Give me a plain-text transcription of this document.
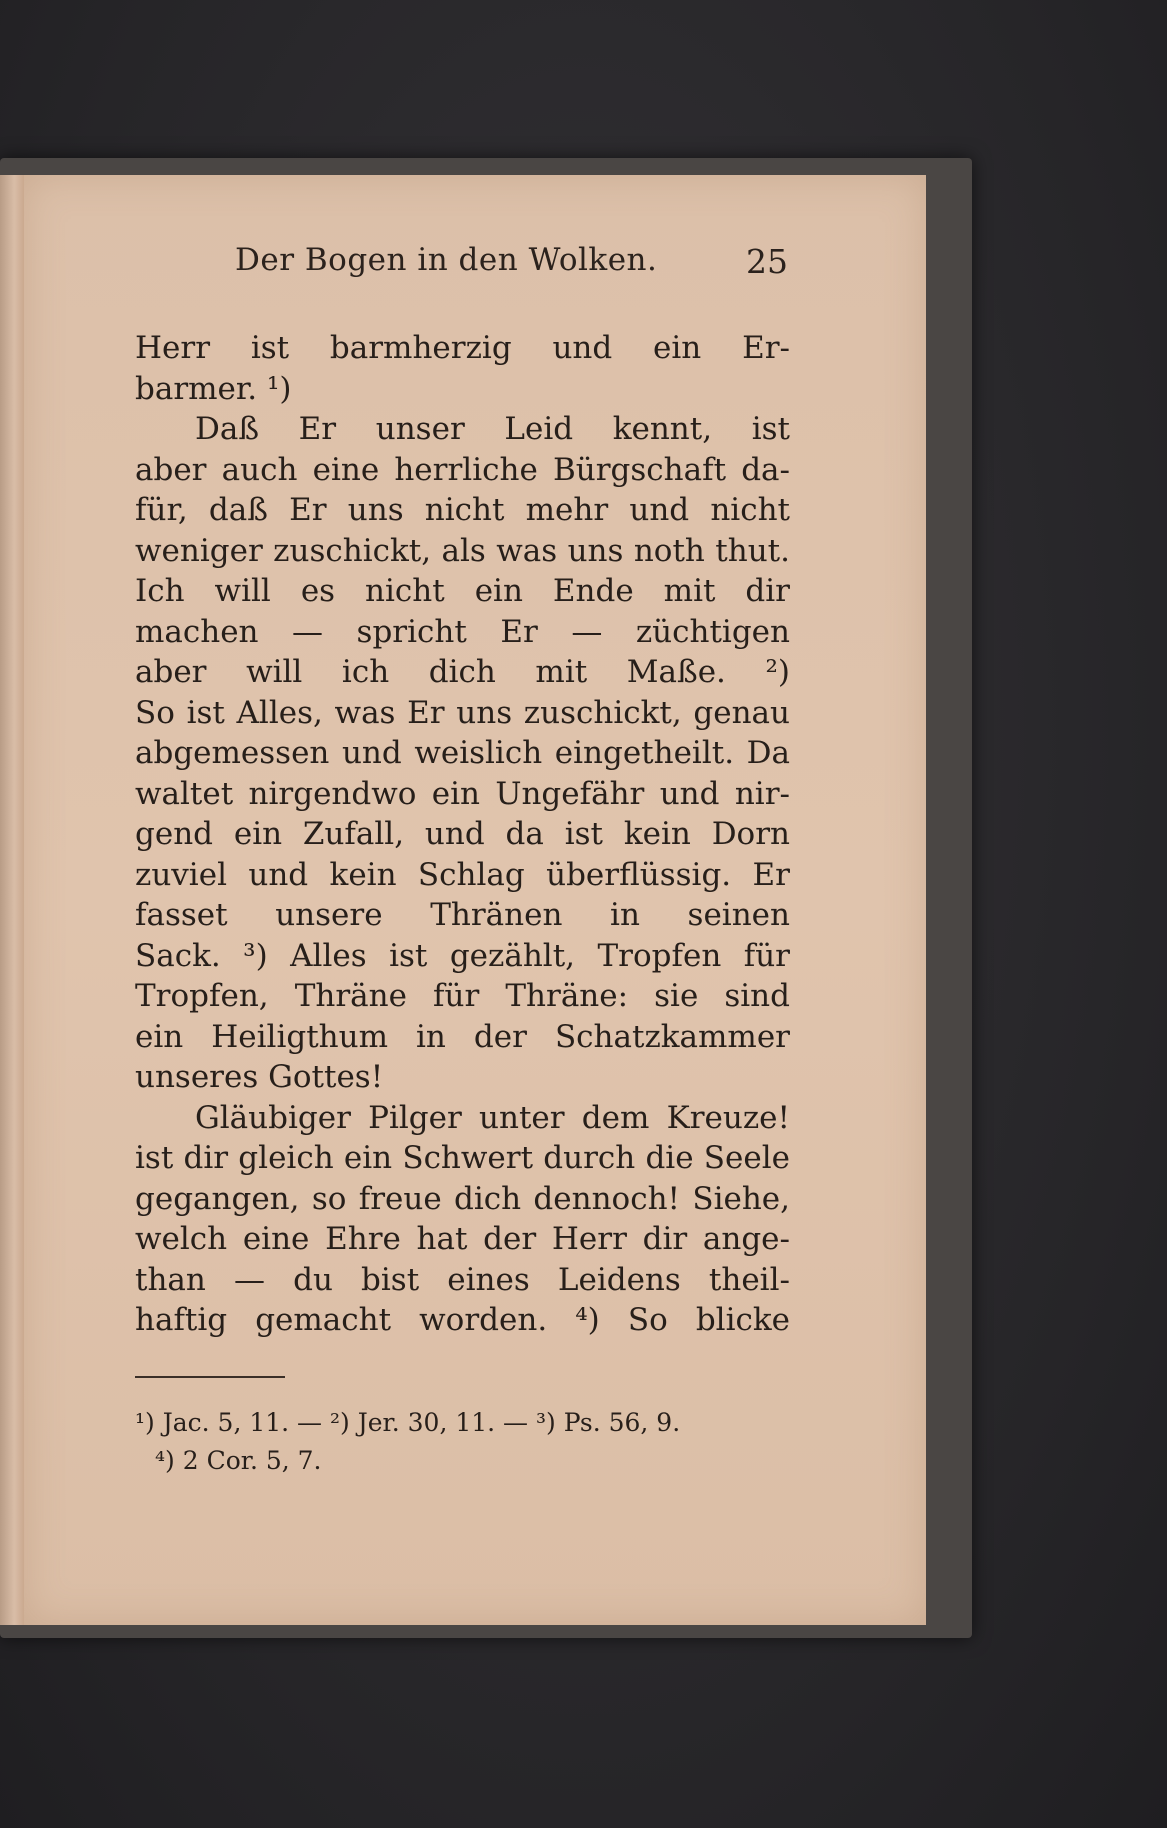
Der Bogen in den Wolken.	25
Herr ist barmherzig und ein Er-
barmer. ¹)
Daß Er unser Leid kennt, ist
aber auch eine herrliche Bürgschaft da-
für, daß Er uns nicht mehr und nicht
weniger zuschickt, als was uns noth thut.
Ich will es nicht ein Ende mit dir
machen — spricht Er — züchtigen
aber will ich dich mit Maße. ²)
So ist Alles, was Er uns zuschickt, genau
abgemessen und weislich eingetheilt. Da
waltet nirgendwo ein Ungefähr und nir-
gend ein Zufall, und da ist kein Dorn
zuviel und kein Schlag überflüssig. Er
fasset unsere Thränen in seinen
Sack. ³) Alles ist gezählt, Tropfen für
Tropfen, Thräne für Thräne: sie sind
ein Heiligthum in der Schatzkammer
unseres Gottes!
Gläubiger Pilger unter dem Kreuze!
ist dir gleich ein Schwert durch die Seele
gegangen, so freue dich dennoch! Siehe,
welch eine Ehre hat der Herr dir ange-
than — du bist eines Leidens theil-
haftig gemacht worden. ⁴) So blicke
¹) Jac. 5, 11. — ²) Jer. 30, 11. — ³) Ps. 56, 9.
⁴) 2 Cor. 5, 7.
